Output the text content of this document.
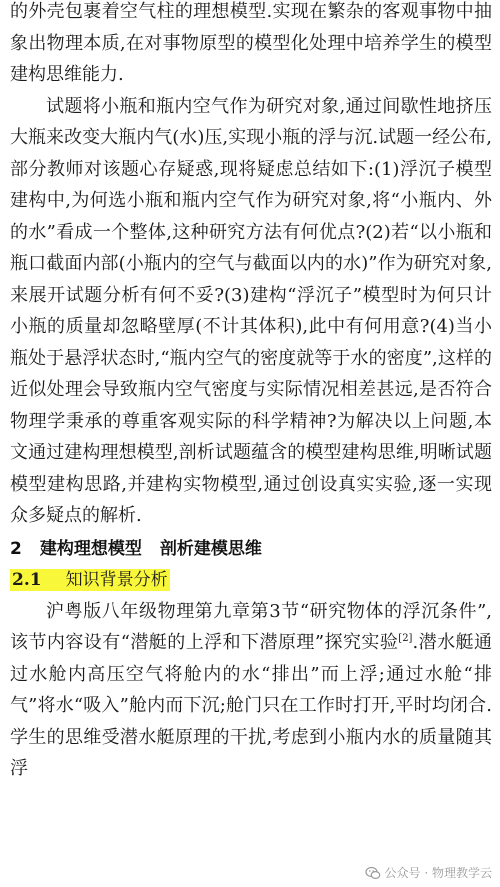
的外壳包裹着空气柱的理想模型.实现在繁杂的客观事物中抽象出物理本质,在对事物原型的模型化处理中培养学生的模型建构思维能力.

试题将小瓶和瓶内空气作为研究对象,通过间歇性地挤压大瓶来改变大瓶内气(水)压,实现小瓶的浮与沉.试题一经公布,部分教师对该题心存疑惑,现将疑虑总结如下:(1)浮沉子模型建构中,为何选小瓶和瓶内空气作为研究对象,将“小瓶内、外的水”看成一个整体,这种研究方法有何优点?(2)若“以小瓶和瓶口截面内部(小瓶内的空气与截面以内的水)”作为研究对象,来展开试题分析有何不妥?(3)建构“浮沉子”模型时为何只计小瓶的质量却忽略壁厚(不计其体积),此中有何用意?(4)当小瓶处于悬浮状态时,“瓶内空气的密度就等于水的密度”,这样的近似处理会导致瓶内空气密度与实际情况相差甚远,是否符合物理学秉承的尊重客观实际的科学精神?为解决以上问题,本文通过建构理想模型,剖析试题蕴含的模型建构思维,明晰试题模型建构思路,并建构实物模型,通过创设真实实验,逐一实现众多疑点的解析.

2 建构理想模型 剖析建模思维
2.1 知识背景分析

沪粤版八年级物理第九章第3节“研究物体的浮沉条件”,该节内容设有“潜艇的上浮和下潜原理”探究实验[2].潜水艇通过水舱内高压空气将舱内的水“排出”而上浮;通过水舱“排气”将水“吸入”舱内而下沉;舱门只在工作时打开,平时均闭合.学生的思维受潜水艇原理的干扰,考虑到小瓶内水的质量随其浮

公众号 · 物理教学云
